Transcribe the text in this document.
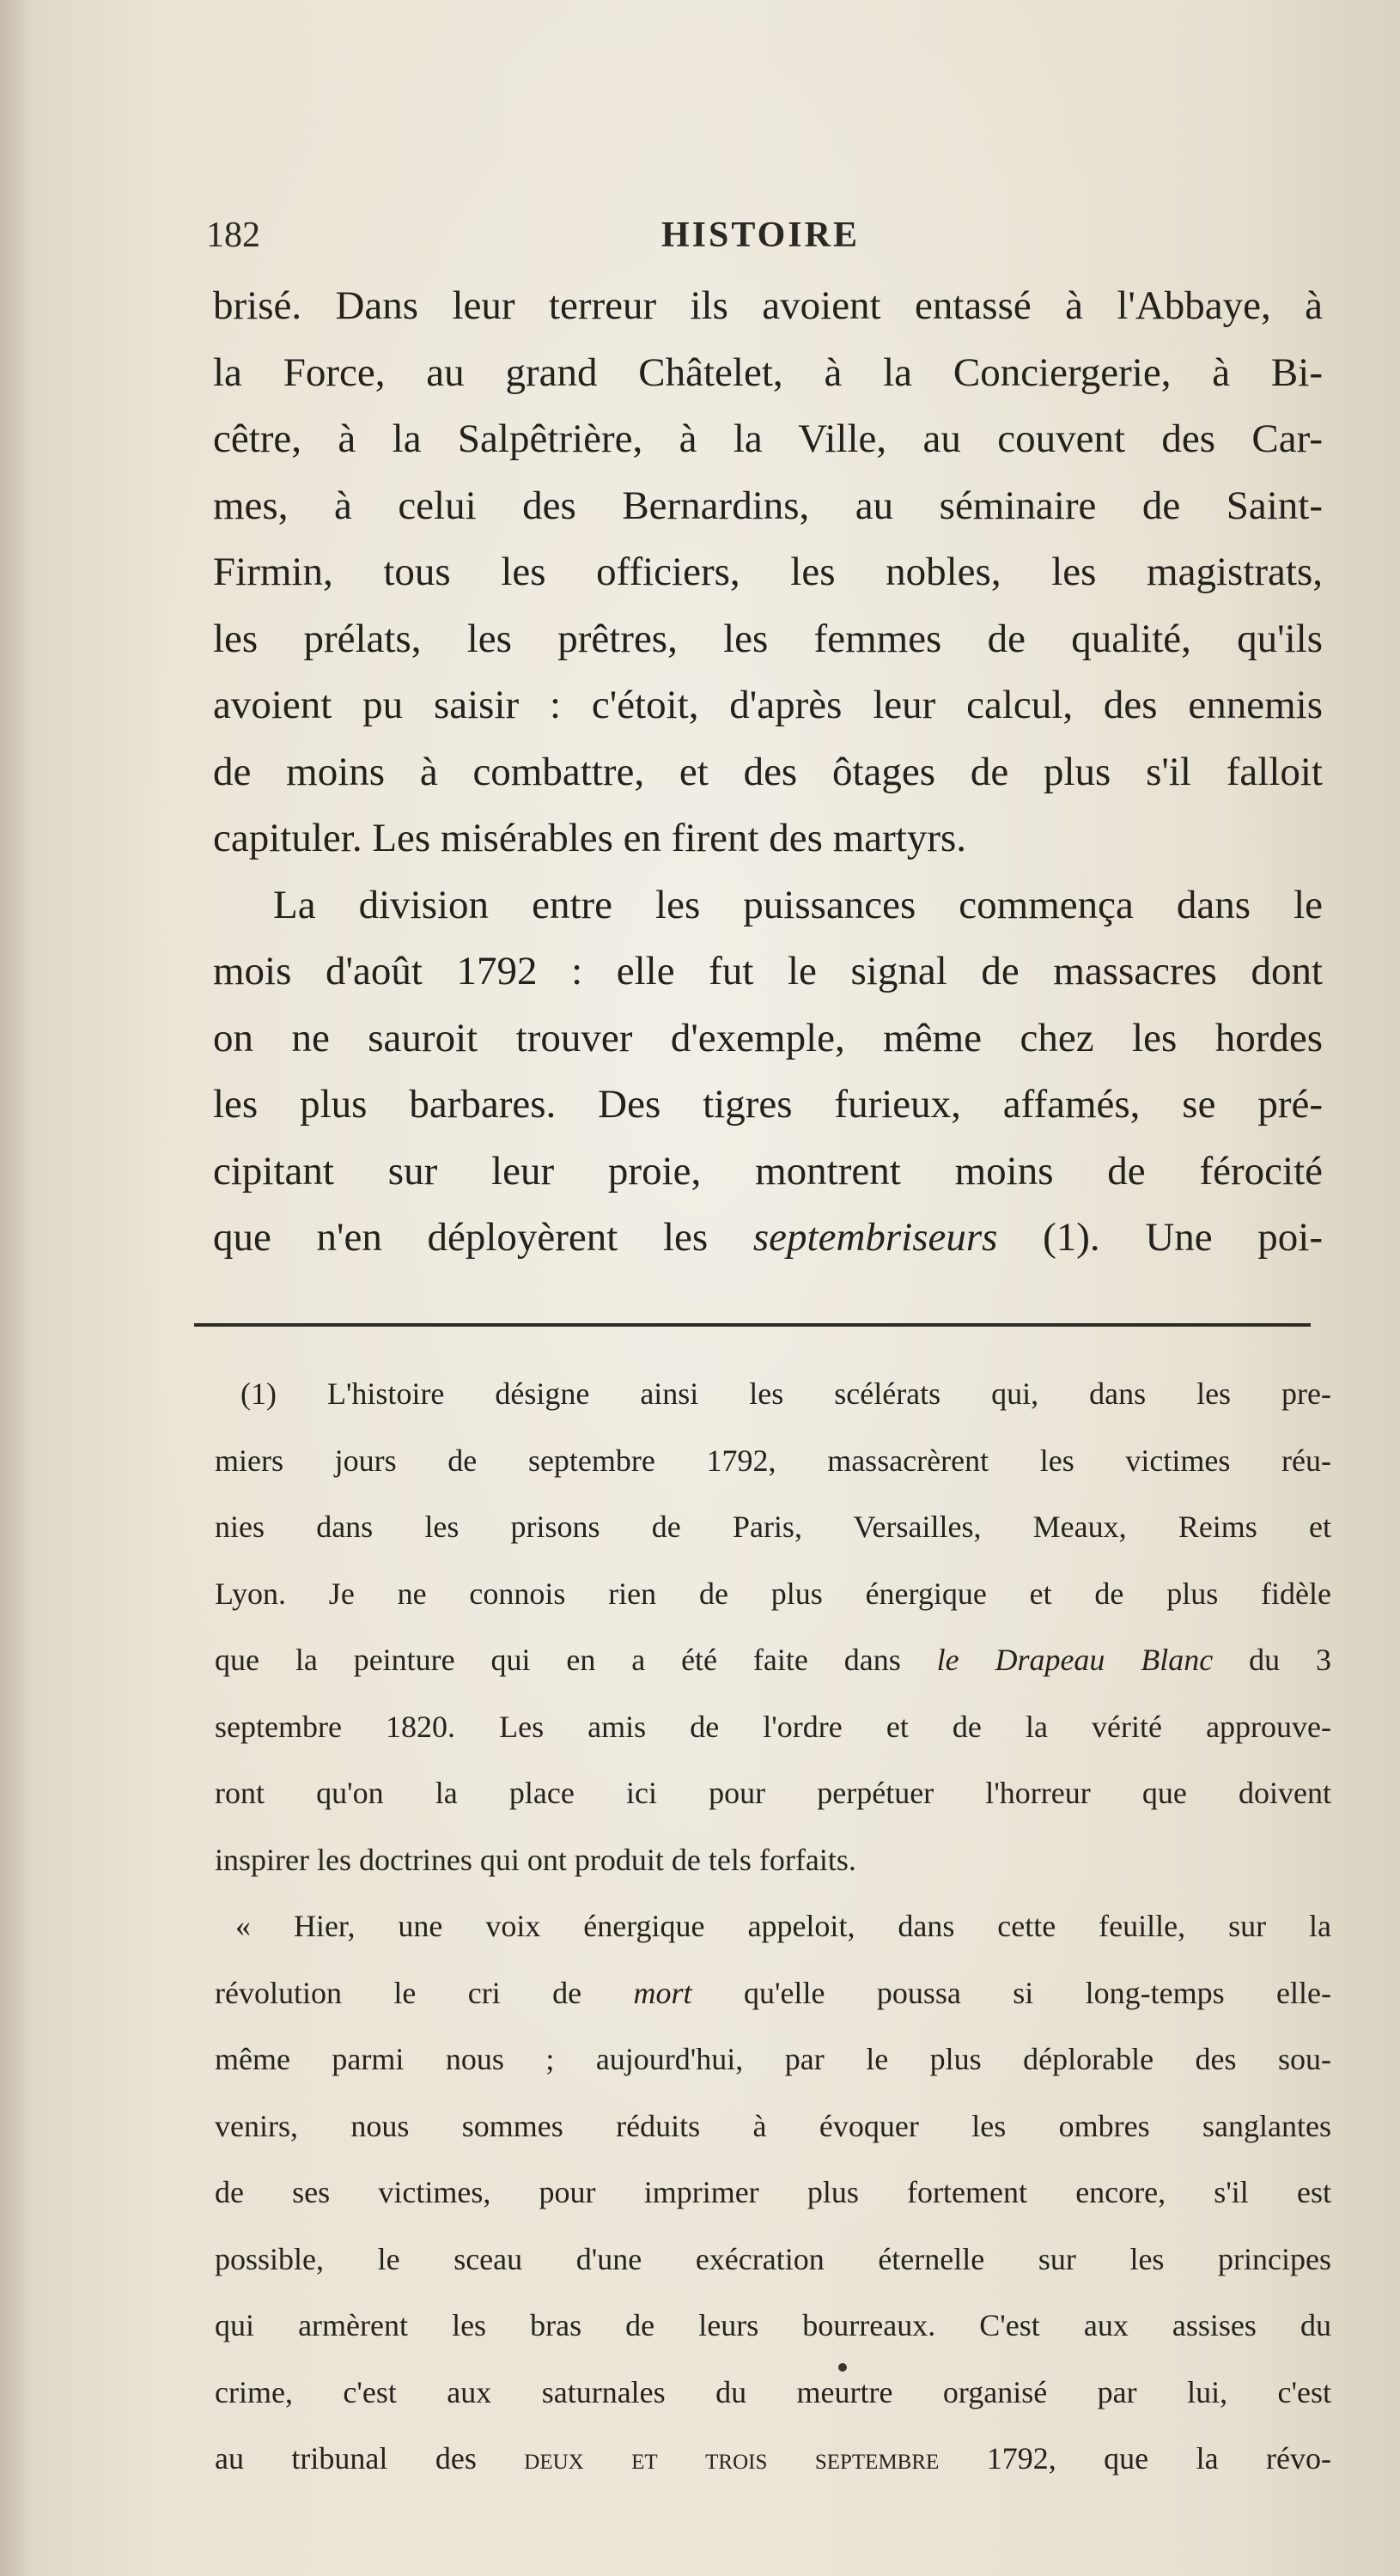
182	HISTOIRE
brisé. Dans leur terreur ils avoient entassé à l'Abbaye, à
la Force, au grand Châtelet, à la Conciergerie, à Bi-
cêtre, à la Salpêtrière, à la Ville, au couvent des Car-
mes, à celui des Bernardins, au séminaire de Saint-
Firmin, tous les officiers, les nobles, les magistrats,
les prélats, les prêtres, les femmes de qualité, qu'ils
avoient pu saisir : c'étoit, d'après leur calcul, des ennemis
de moins à combattre, et des ôtages de plus s'il falloit
capituler. Les misérables en firent des martyrs.
La division entre les puissances commença dans le
mois d'août 1792 : elle fut le signal de massacres dont
on ne sauroit trouver d'exemple, même chez les hordes
les plus barbares. Des tigres furieux, affamés, se pré-
cipitant sur leur proie, montrent moins de férocité
que n'en déployèrent les septembriseurs (1). Une poi-
(1) L'histoire désigne ainsi les scélérats qui, dans les pre-
miers jours de septembre 1792, massacrèrent les victimes réu-
nies dans les prisons de Paris, Versailles, Meaux, Reims et
Lyon. Je ne connois rien de plus énergique et de plus fidèle
que la peinture qui en a été faite dans le Drapeau Blanc du 3
septembre 1820. Les amis de l'ordre et de la vérité approuve-
ront qu'on la place ici pour perpétuer l'horreur que doivent
inspirer les doctrines qui ont produit de tels forfaits.
« Hier, une voix énergique appeloit, dans cette feuille, sur la
révolution le cri de mort qu'elle poussa si long-temps elle-
même parmi nous ; aujourd'hui, par le plus déplorable des sou-
venirs, nous sommes réduits à évoquer les ombres sanglantes
de ses victimes, pour imprimer plus fortement encore, s'il est
possible, le sceau d'une exécration éternelle sur les principes
qui armèrent les bras de leurs bourreaux. C'est aux assises du
crime, c'est aux saturnales du meurtre organisé par lui, c'est
au tribunal des deux et trois septembre 1792, que la révo-
